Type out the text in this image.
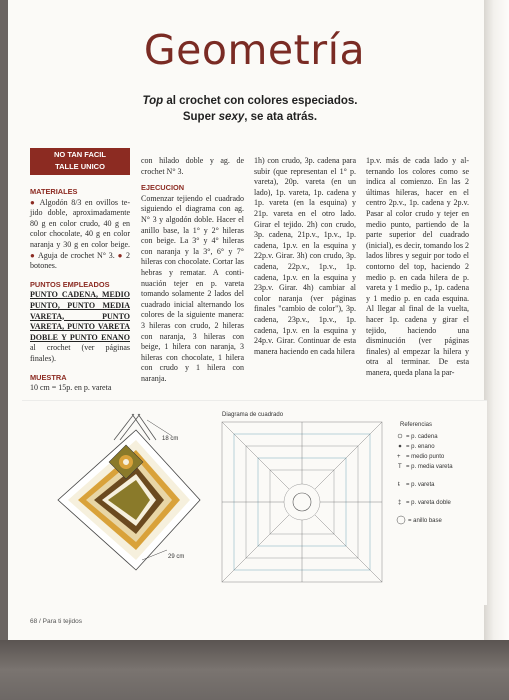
Geometría
Top al crochet con colores especiados.
Super sexy, se ata atrás.
NO TAN FACIL
TALLE UNICO
MATERIALES

● Algodón 8/3 en ovillos tejido doble, aproximadamente 80 g en color crudo, 40 g en color chocolate, 40 g en color naranja y 30 g en color beige. ● Aguja de crochet N° 3. ● 2 botones.

PUNTOS EMPLEADOS

PUNTO CADENA, MEDIO PUNTO, PUNTO MEDIA VARETA, PUNTO VARETA, PUNTO VARETA DOBLE Y PUNTO ENANO al crochet (ver páginas finales).

MUESTRA

10 cm = 15p. en p. vareta

con hilado doble y ag. de crochet N° 3.

EJECUCION

Comenzar tejiendo el cuadrado siguiendo el diagrama con ag. N° 3 y algodón doble. Hacer el anillo base, la 1° y 2° hileras con beige. La 3° y 4° hileras con naranja y la 3°, 6° y 7° hileras con chocolate. Cortar las hebras y rematar. A continuación tejer en p. vareta tomando solamente 2 lados del cuadrado inicial alternando los colores de la siguiente manera: 3 hileras con crudo, 2 hileras con naranja, 3 hileras con beige, 1 hilera con naranja, 3 hileras con chocolate, 1 hilera con crudo y 1 hilera con naranja.

1h) con crudo, 3p. cadena para subir (que representan el 1° p. vareta), 20p. vareta (en un lado), 1p. vareta, 1p. cadena y 1p. vareta (en la esquina) y 21p. vareta en el otro lado. Girar el tejido. 2h) con crudo, 3p. cadena, 21p.v., 1p.v., 1p. cadena, 1p.v. en la esquina y 22p.v. Girar. 3h) con crudo, 3p. cadena, 22p.v., 1p.v., 1p. cadena, 1p.v. en la esquina y 23p.v. Girar. 4h) cambiar al color naranja (ver páginas finales "cambio de color"), 3p. cadena, 23p.v., 1p.v., 1p. cadena, 1p.v. en la esquina y 24p.v. Girar. Continuar de esta manera haciendo en cada hilera

1p.v. más de cada lado y alternando los colores como se indica al comienzo. En las 2 últimas hileras, hacer en el centro 2p.v., 1p. cadena y 2p.v. Pasar al color crudo y tejer en medio punto, partiendo de la parte superior del cuadrado (inicial), es decir, tomando los 2 lados libres y seguir por todo el contorno del top, haciendo 2 medio p. en cada hilera de p. vareta y 1 medio p., 1p. cadena y 1 medio p. en cada esquina. Al llegar al final de la vuelta, hacer 1p. cadena y girar el tejido, haciendo una disminución (ver páginas finales) al empezar la hilera y otra al terminar. De esta manera, queda plana la par-

18 cm
29 cm
Diagrama de cuadrado
Referencias
= p. cadena
= p. enano
+ = medio punto
T = p. media vareta
ŧ = p. vareta
‡ = p. vareta doble
= anillo base
68 / Para ti tejidos
